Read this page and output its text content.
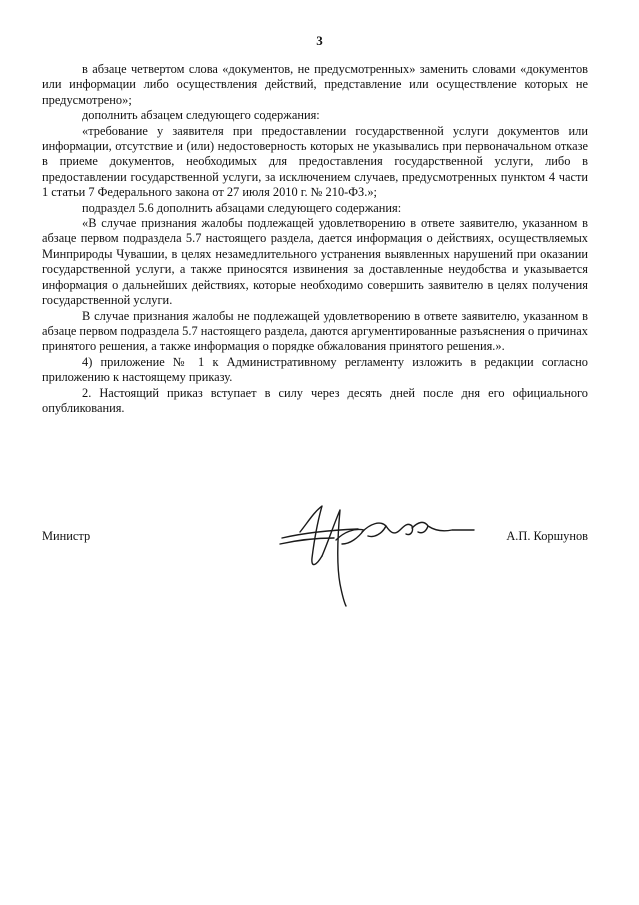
3

в абзаце четвертом слова «документов, не предусмотренных» заменить словами «документов или информации либо осуществления действий, представление или осуществление которых не предусмотрено»;

дополнить абзацем следующего содержания:

«требование у заявителя при предоставлении государственной услуги документов или информации, отсутствие и (или) недостоверность которых не указывались при первоначальном отказе в приеме документов, необходимых для предоставления государственной услуги, либо в предоставлении государственной услуги, за исключением случаев, предусмотренных пунктом 4 части 1 статьи 7 Федерального закона от 27 июля 2010 г. № 210-ФЗ.»;

подраздел 5.6 дополнить абзацами следующего содержания:

«В случае признания жалобы подлежащей удовлетворению в ответе заявителю, указанном в абзаце первом подраздела 5.7 настоящего раздела, дается информация о действиях, осуществляемых Минприроды Чувашии, в целях незамедлительного устранения выявленных нарушений при оказании государственной услуги, а также приносятся извинения за доставленные неудобства и указывается информация о дальнейших действиях, которые необходимо совершить заявителю в целях получения государственной услуги.

В случае признания жалобы не подлежащей удовлетворению в ответе заявителю, указанном в абзаце первом подраздела 5.7 настоящего раздела, даются аргументированные разъяснения о причинах принятого решения, а также информация о порядке обжалования принятого решения.».

4) приложение № 1 к Административному регламенту изложить в редакции согласно приложению к настоящему приказу.

2. Настоящий приказ вступает в силу через десять дней после дня его официального опубликования.

Министр	А.П. Коршунов
